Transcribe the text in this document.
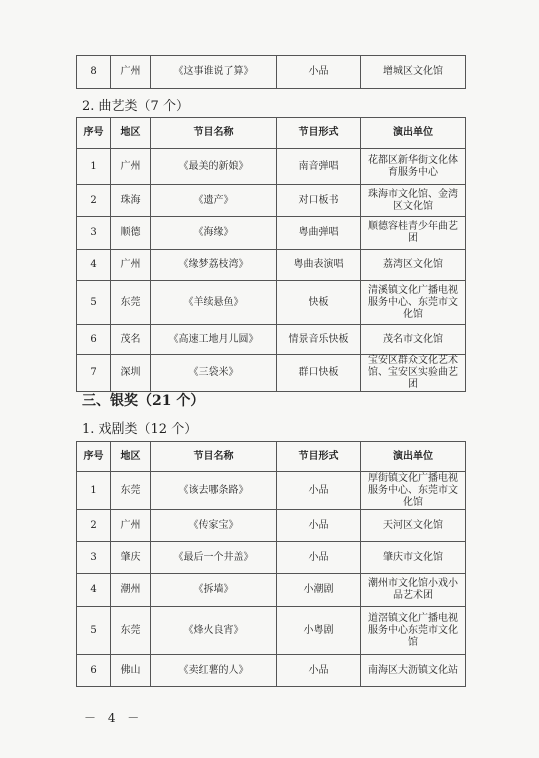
8	广州	《这事谁说了算》	小品	增城区文化馆
2. 曲艺类（7 个）
序号	地区	节目名称	节目形式	演出单位
1	广州	《最美的新娘》	南音弹唱	花都区新华街文化体育服务中心
2	珠海	《遗产》	对口板书	珠海市文化馆、金湾区文化馆
3	顺德	《海缘》	粤曲弹唱	顺德容桂青少年曲艺团
4	广州	《缘梦荔枝湾》	粤曲表演唱	荔湾区文化馆
5	东莞	《羊续悬鱼》	快板	清溪镇文化广播电视服务中心、东莞市文化馆
6	茂名	《高速工地月儿圆》	情景音乐快板	茂名市文化馆
7	深圳	《三袋米》	群口快板	宝安区群众文化艺术馆、宝安区实验曲艺团
三、银奖（21 个）
1. 戏剧类（12 个）
序号	地区	节目名称	节目形式	演出单位
1	东莞	《该去哪条路》	小品	厚街镇文化广播电视服务中心、东莞市文化馆
2	广州	《传家宝》	小品	天河区文化馆
3	肇庆	《最后一个井盖》	小品	肇庆市文化馆
4	潮州	《拆墙》	小潮剧	潮州市文化馆小戏小品艺术团
5	东莞	《烽火良宵》	小粤剧	道滘镇文化广播电视服务中心东莞市文化馆
6	佛山	《卖红薯的人》	小品	南海区大沥镇文化站
－ 4 －
